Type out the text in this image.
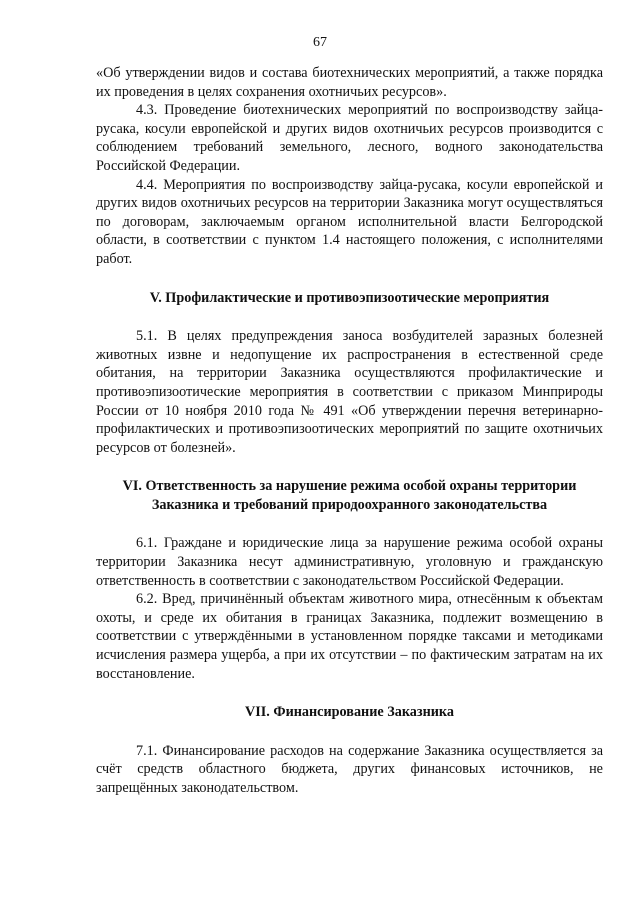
67

«Об утверждении видов и состава биотехнических мероприятий, а также порядка их проведения в целях сохранения охотничьих ресурсов».

4.3. Проведение биотехнических мероприятий по воспроизводству зайца-русака, косули европейской и других видов охотничьих ресурсов производится с соблюдением требований земельного, лесного, водного законодательства Российской Федерации.

4.4. Мероприятия по воспроизводству зайца-русака, косули европейской и других видов охотничьих ресурсов на территории Заказника могут осуществляться по договорам, заключаемым органом исполнительной власти Белгородской области, в соответствии с пунктом 1.4 настоящего положения, с исполнителями работ.

V. Профилактические и противоэпизоотические мероприятия

5.1. В целях предупреждения заноса возбудителей заразных болезней животных извне и недопущение их распространения в естественной среде обитания, на территории Заказника осуществляются профилактические и противоэпизоотические мероприятия в соответствии с приказом Минприроды России от 10 ноября 2010 года № 491 «Об утверждении перечня ветеринарно-профилактических и противоэпизоотических мероприятий по защите охотничьих ресурсов от болезней».

VI. Ответственность за нарушение режима особой охраны территории

Заказника и требований природоохранного законодательства

6.1. Граждане и юридические лица за нарушение режима особой охраны территории Заказника несут административную, уголовную и гражданскую ответственность в соответствии с законодательством Российской Федерации.

6.2. Вред, причинённый объектам животного мира, отнесённым к объектам охоты, и среде их обитания в границах Заказника, подлежит возмещению в соответствии с утверждёнными в установленном порядке таксами и методиками исчисления размера ущерба, а при их отсутствии – по фактическим затратам на их восстановление.

VII. Финансирование Заказника

7.1. Финансирование расходов на содержание Заказника осуществляется за счёт средств областного бюджета, других финансовых источников, не запрещённых законодательством.
